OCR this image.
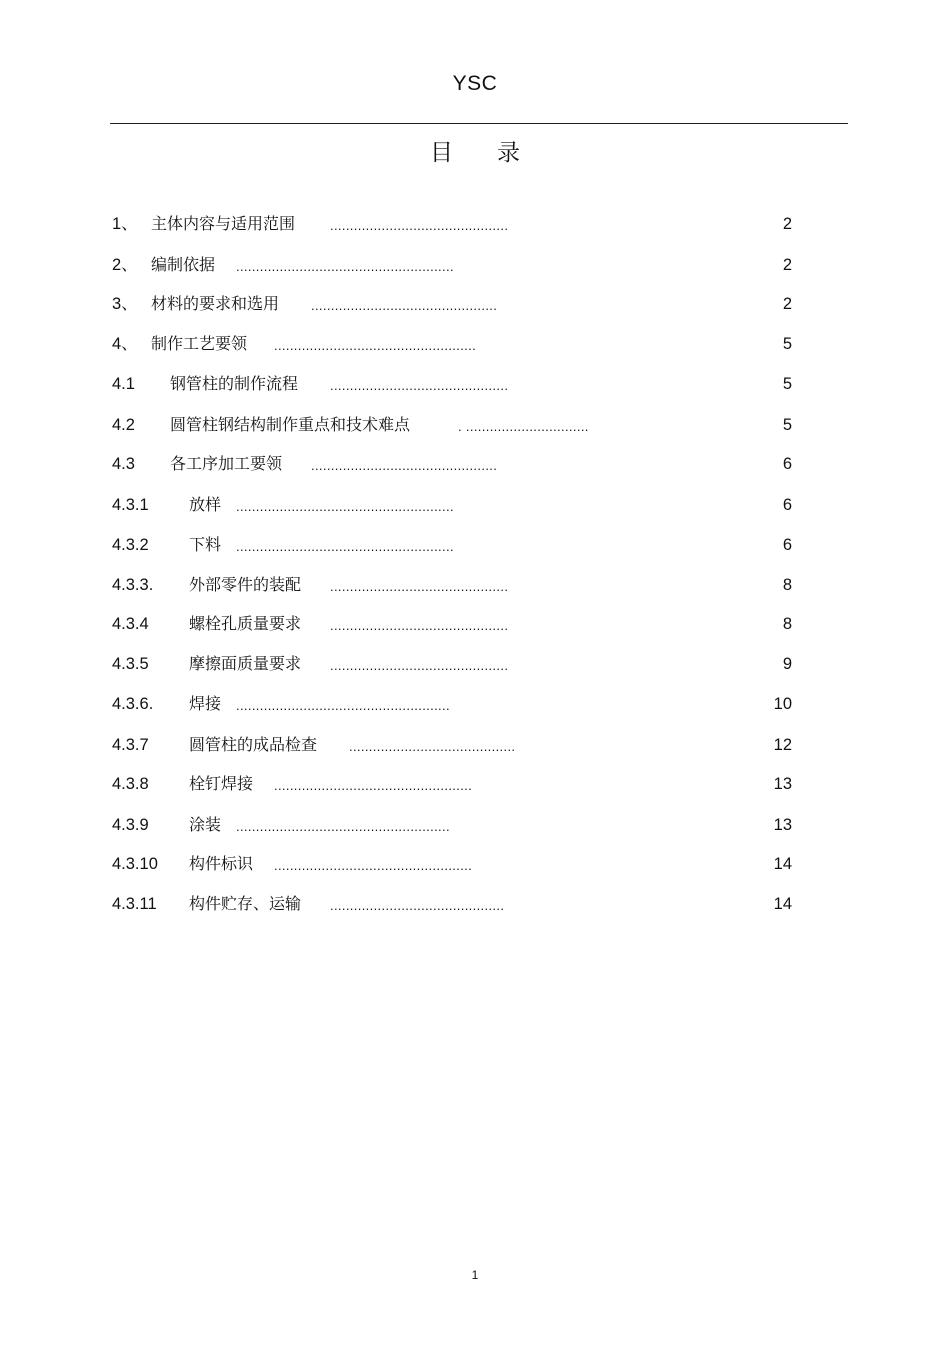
YSC
目 录
1、 主体内容与适用范围	.............................................	2
2、 编制依据 .......................................................	2
3、 材料的要求和选用 ...............................................	2
4、 制作工艺要领 ...................................................	5
4.1 钢管柱的制作流程 .............................................	5
4.2 圆管柱钢结构制作重点和技术难点	. ...............................	5
4.3 各工序加工要领 ...............................................	6
4.3.1	放样 .......................................................	6
4.3.2	下料 .......................................................	6
4.3.3. 外部零件的装配 .............................................	8
4.3.4	螺栓孔质量要求 .............................................	8
4.3.5	摩擦面质量要求 .............................................	9
4.3.6. 焊接 ......................................................	10
4.3.7	圆管柱的成品检查 ..........................................	12
4.3.8	栓钉焊接 ..................................................	13
4.3.9	涂装 ......................................................	13
4.3.10 构件标识 ..................................................	14
4.3.11 构件贮存、运输 ............................................	14
1
